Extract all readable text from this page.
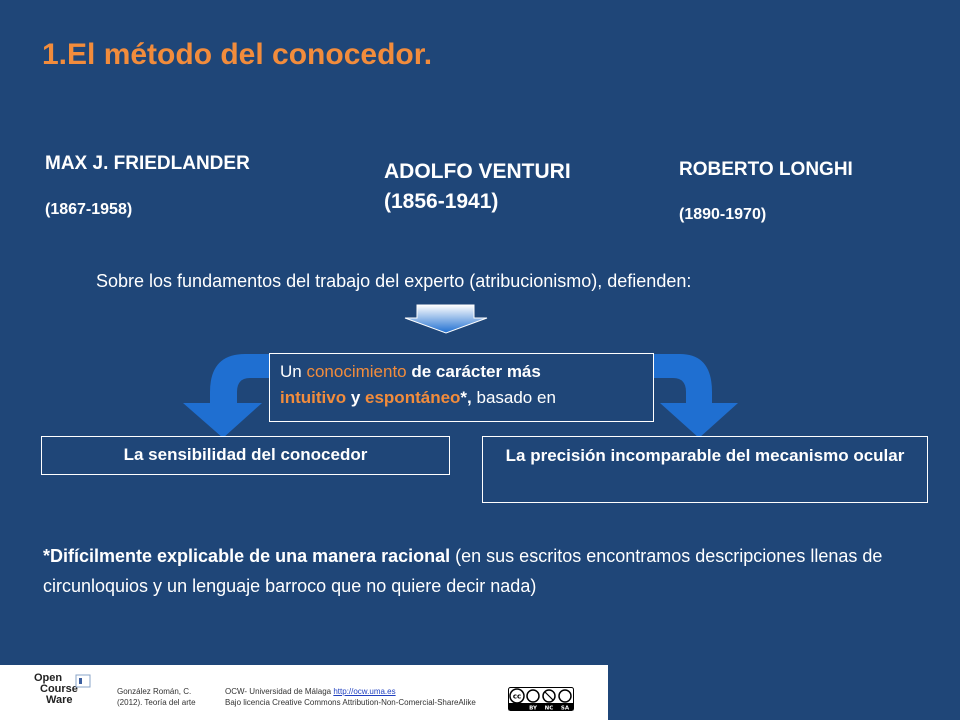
1.El método del conocedor.
MAX J. FRIEDLANDER
(1867-1958)
ADOLFO VENTURI
(1856-1941)
ROBERTO LONGHI
(1890-1970)
Sobre los fundamentos del trabajo del experto (atribucionismo), defienden:
Un conocimiento de carácter más
intuitivo y espontáneo*, basado en
La sensibilidad del conocedor	La precisión incomparable del mecanismo ocular
*Difícilmente explicable de una manera racional (en sus escritos encontramos descripciones llenas de circunloquios y un lenguaje barroco que no quiere decir nada)
Open
Course
Ware
González Román, C.
(2012). Teoría del arte
OCW- Universidad de Málaga http://ocw.uma.es
Bajo licencia Creative Commons Attribution-Non-Comercial-ShareAlike
cc
BY NC SA
